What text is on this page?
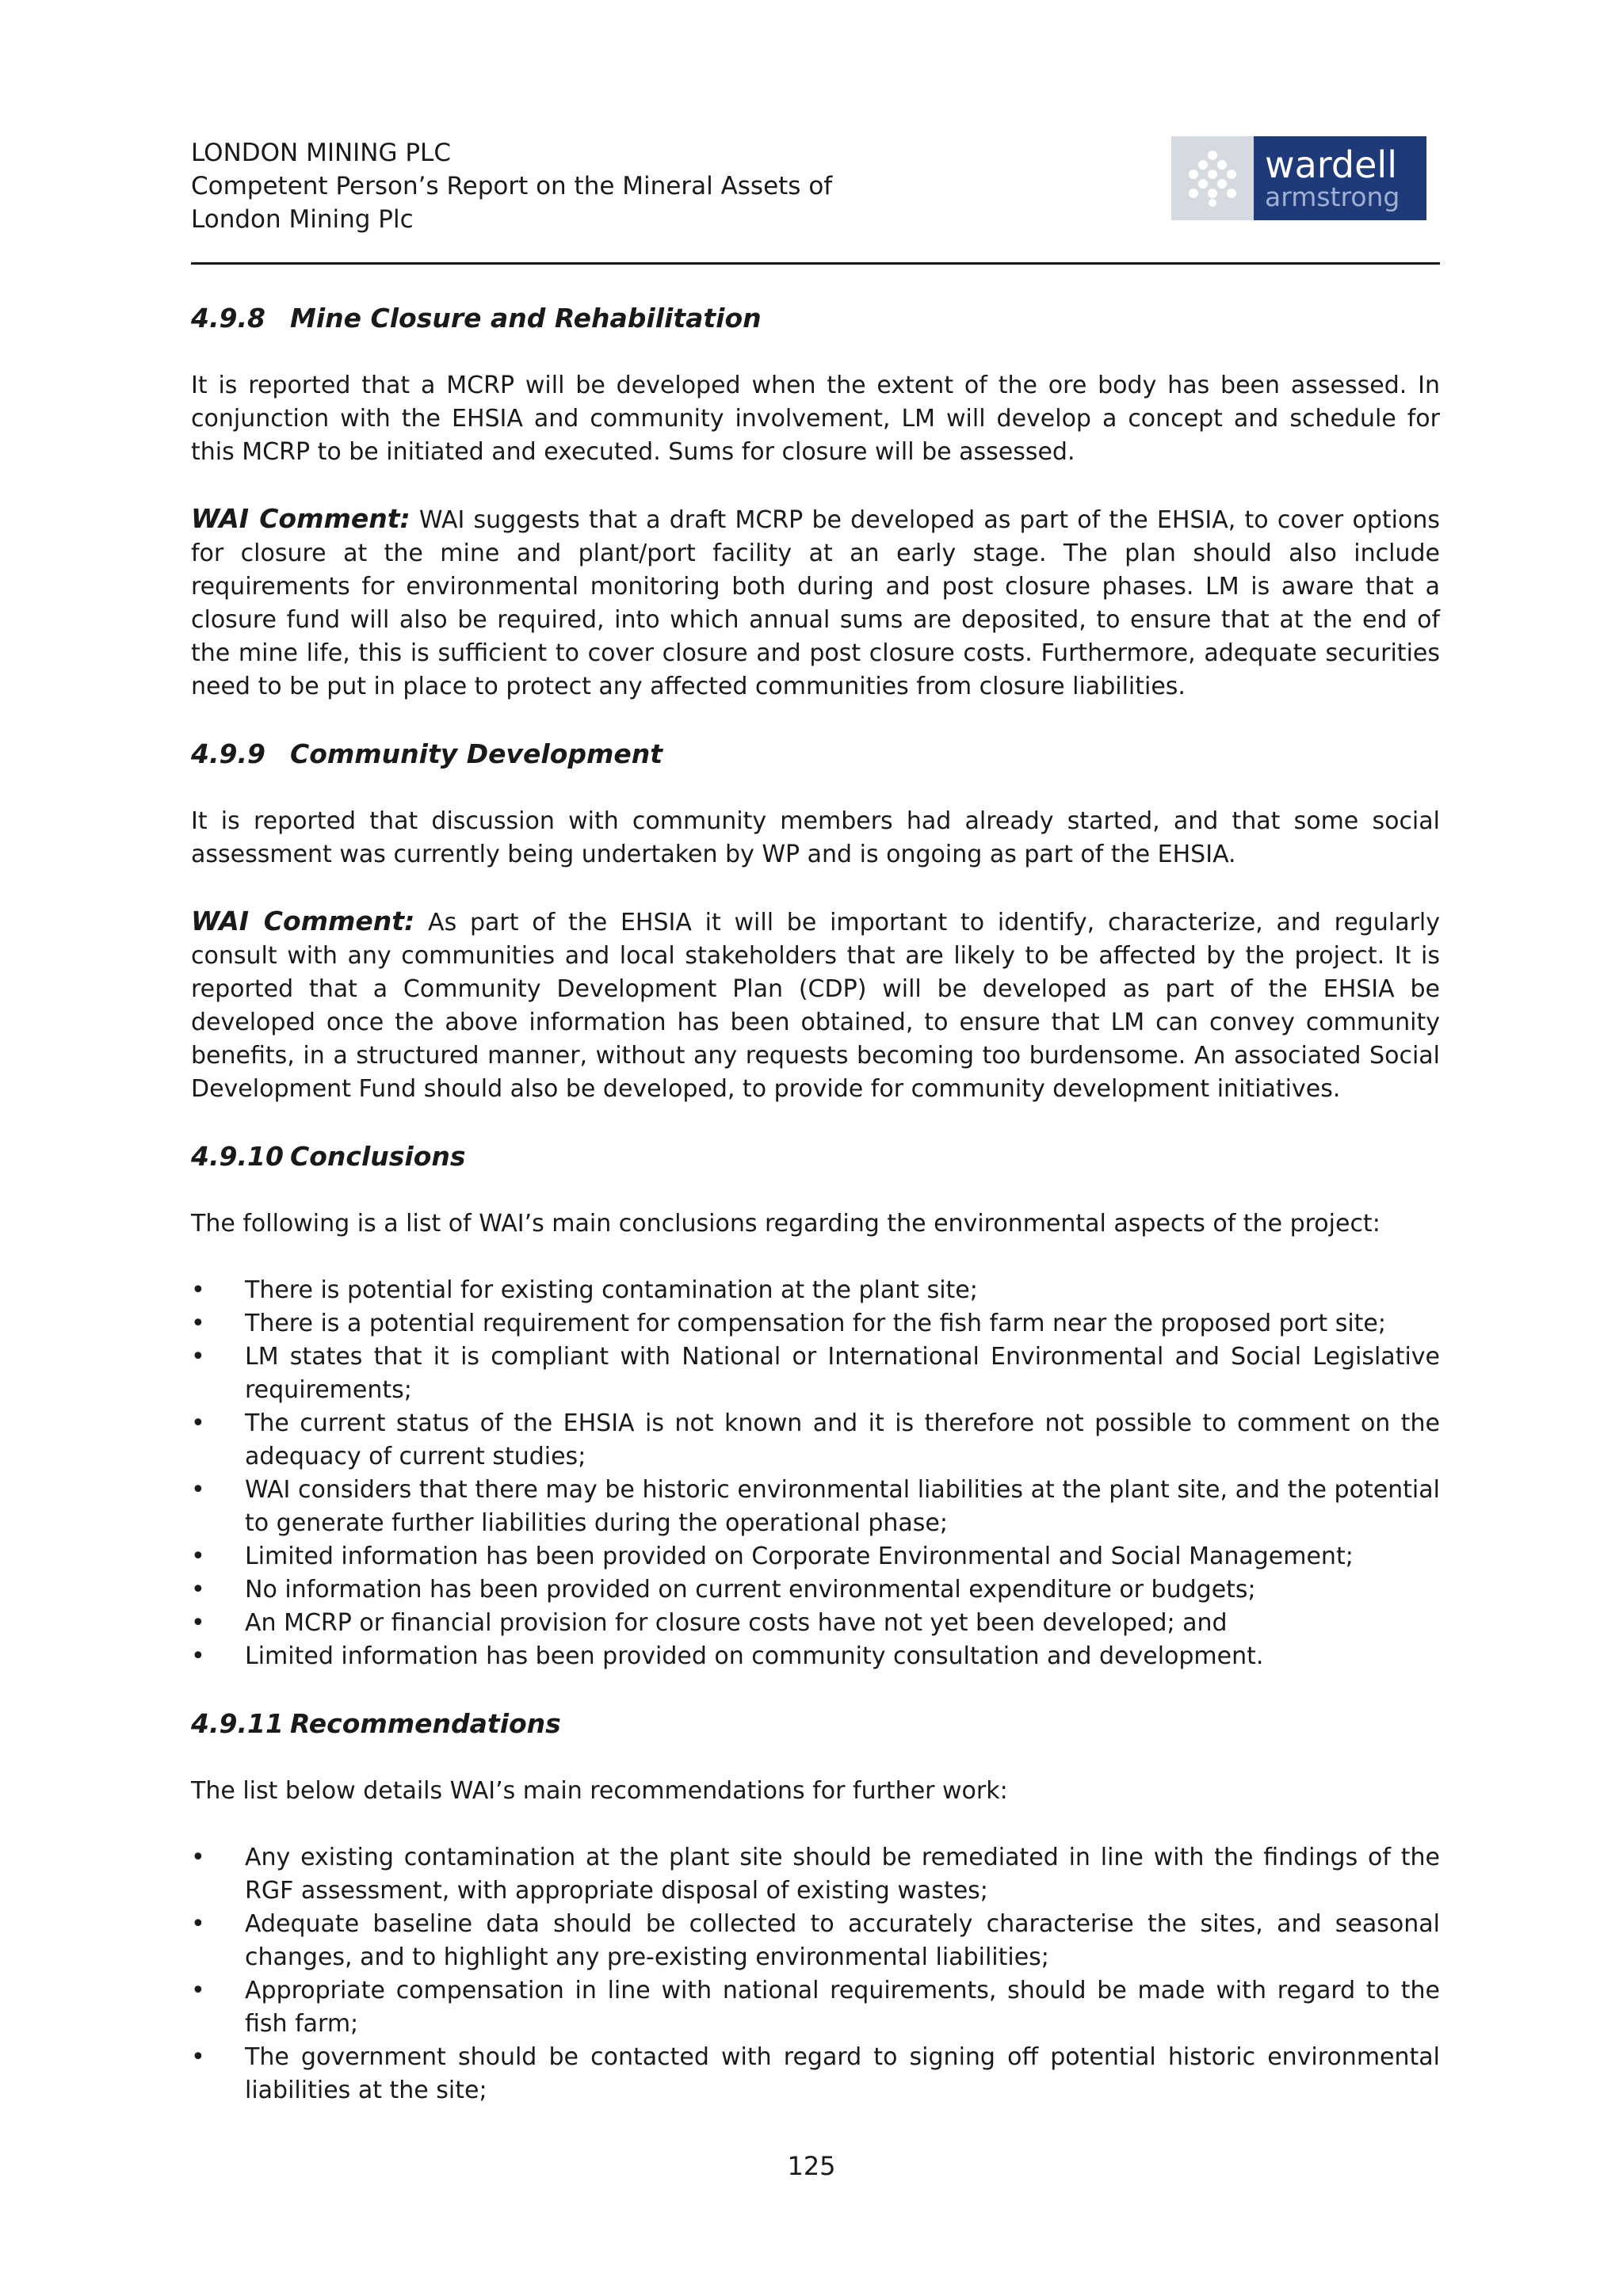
LONDON MINING PLC
Competent Person’s Report on the Mineral Assets of
London Mining Plc
wardell
armstrong
4.9.8 Mine Closure and Rehabilitation

It is reported that a MCRP will be developed when the extent of the ore body has been assessed. In conjunction with the EHSIA and community involvement, LM will develop a concept and schedule for this MCRP to be initiated and executed. Sums for closure will be assessed.

WAI Comment: WAI suggests that a draft MCRP be developed as part of the EHSIA, to cover options for closure at the mine and plant/port facility at an early stage. The plan should also include requirements for environmental monitoring both during and post closure phases. LM is aware that a closure fund will also be required, into which annual sums are deposited, to ensure that at the end of the mine life, this is sufficient to cover closure and post closure costs. Furthermore, adequate securities need to be put in place to protect any affected communities from closure liabilities.

4.9.9 Community Development

It is reported that discussion with community members had already started, and that some social assessment was currently being undertaken by WP and is ongoing as part of the EHSIA.

WAI Comment: As part of the EHSIA it will be important to identify, characterize, and regularly consult with any communities and local stakeholders that are likely to be affected by the project. It is reported that a Community Development Plan (CDP) will be developed as part of the EHSIA be developed once the above information has been obtained, to ensure that LM can convey community benefits, in a structured manner, without any requests becoming too burdensome. An associated Social Development Fund should also be developed, to provide for community development initiatives.

4.9.10 Conclusions

The following is a list of WAI’s main conclusions regarding the environmental aspects of the project:

• There is potential for existing contamination at the plant site;
• There is a potential requirement for compensation for the fish farm near the proposed port site;
• LM states that it is compliant with National or International Environmental and Social Legislative requirements;
• The current status of the EHSIA is not known and it is therefore not possible to comment on the adequacy of current studies;
• WAI considers that there may be historic environmental liabilities at the plant site, and the potential to generate further liabilities during the operational phase;
• Limited information has been provided on Corporate Environmental and Social Management;
• No information has been provided on current environmental expenditure or budgets;
• An MCRP or financial provision for closure costs have not yet been developed; and
• Limited information has been provided on community consultation and development.
4.9.11 Recommendations

The list below details WAI’s main recommendations for further work:

• Any existing contamination at the plant site should be remediated in line with the findings of the RGF assessment, with appropriate disposal of existing wastes;
• Adequate baseline data should be collected to accurately characterise the sites, and seasonal changes, and to highlight any pre-existing environmental liabilities;
• Appropriate compensation in line with national requirements, should be made with regard to the fish farm;
• The government should be contacted with regard to signing off potential historic environmental liabilities at the site;
125
